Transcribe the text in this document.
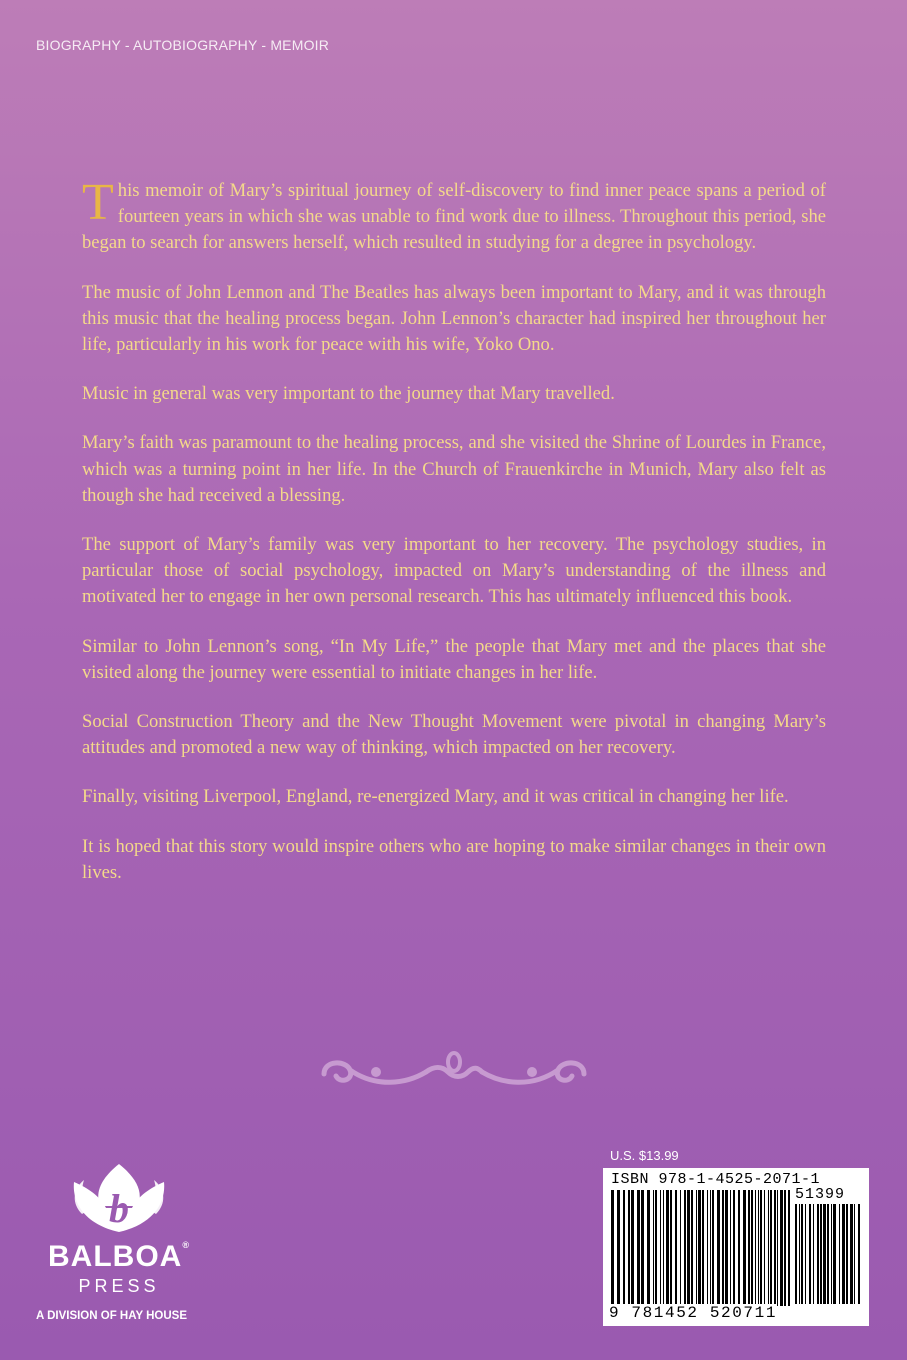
BIOGRAPHY - AUTOBIOGRAPHY - MEMOIR

This memoir of Mary’s spiritual journey of self-discovery to find inner peace spans a period of fourteen years in which she was unable to find work due to illness. Throughout this period, she began to search for answers herself, which resulted in studying for a degree in psychology.

The music of John Lennon and The Beatles has always been important to Mary, and it was through this music that the healing process began. John Lennon’s character had inspired her throughout her life, particularly in his work for peace with his wife, Yoko Ono.

Music in general was very important to the journey that Mary travelled.

Mary’s faith was paramount to the healing process, and she visited the Shrine of Lourdes in France, which was a turning point in her life. In the Church of Frauenkirche in Munich, Mary also felt as though she had received a blessing.

The support of Mary’s family was very important to her recovery. The psychology studies, in particular those of social psychology, impacted on Mary’s understanding of the illness and motivated her to engage in her own personal research. This has ultimately influenced this book.

Similar to John Lennon’s song, “In My Life,” the people that Mary met and the places that she visited along the journey were essential to initiate changes in her life.

Social Construction Theory and the New Thought Movement were pivotal in changing Mary’s attitudes and promoted a new way of thinking, which impacted on her recovery.

Finally, visiting Liverpool, England, re-energized Mary, and it was critical in changing her life.

It is hoped that this story would inspire others who are hoping to make similar changes in their own lives.

b
BALBOA®
PRESS
A DIVISION OF HAY HOUSE
U.S. $13.99
ISBN 978-1-4525-2071-1
51399
9 781452 520711
